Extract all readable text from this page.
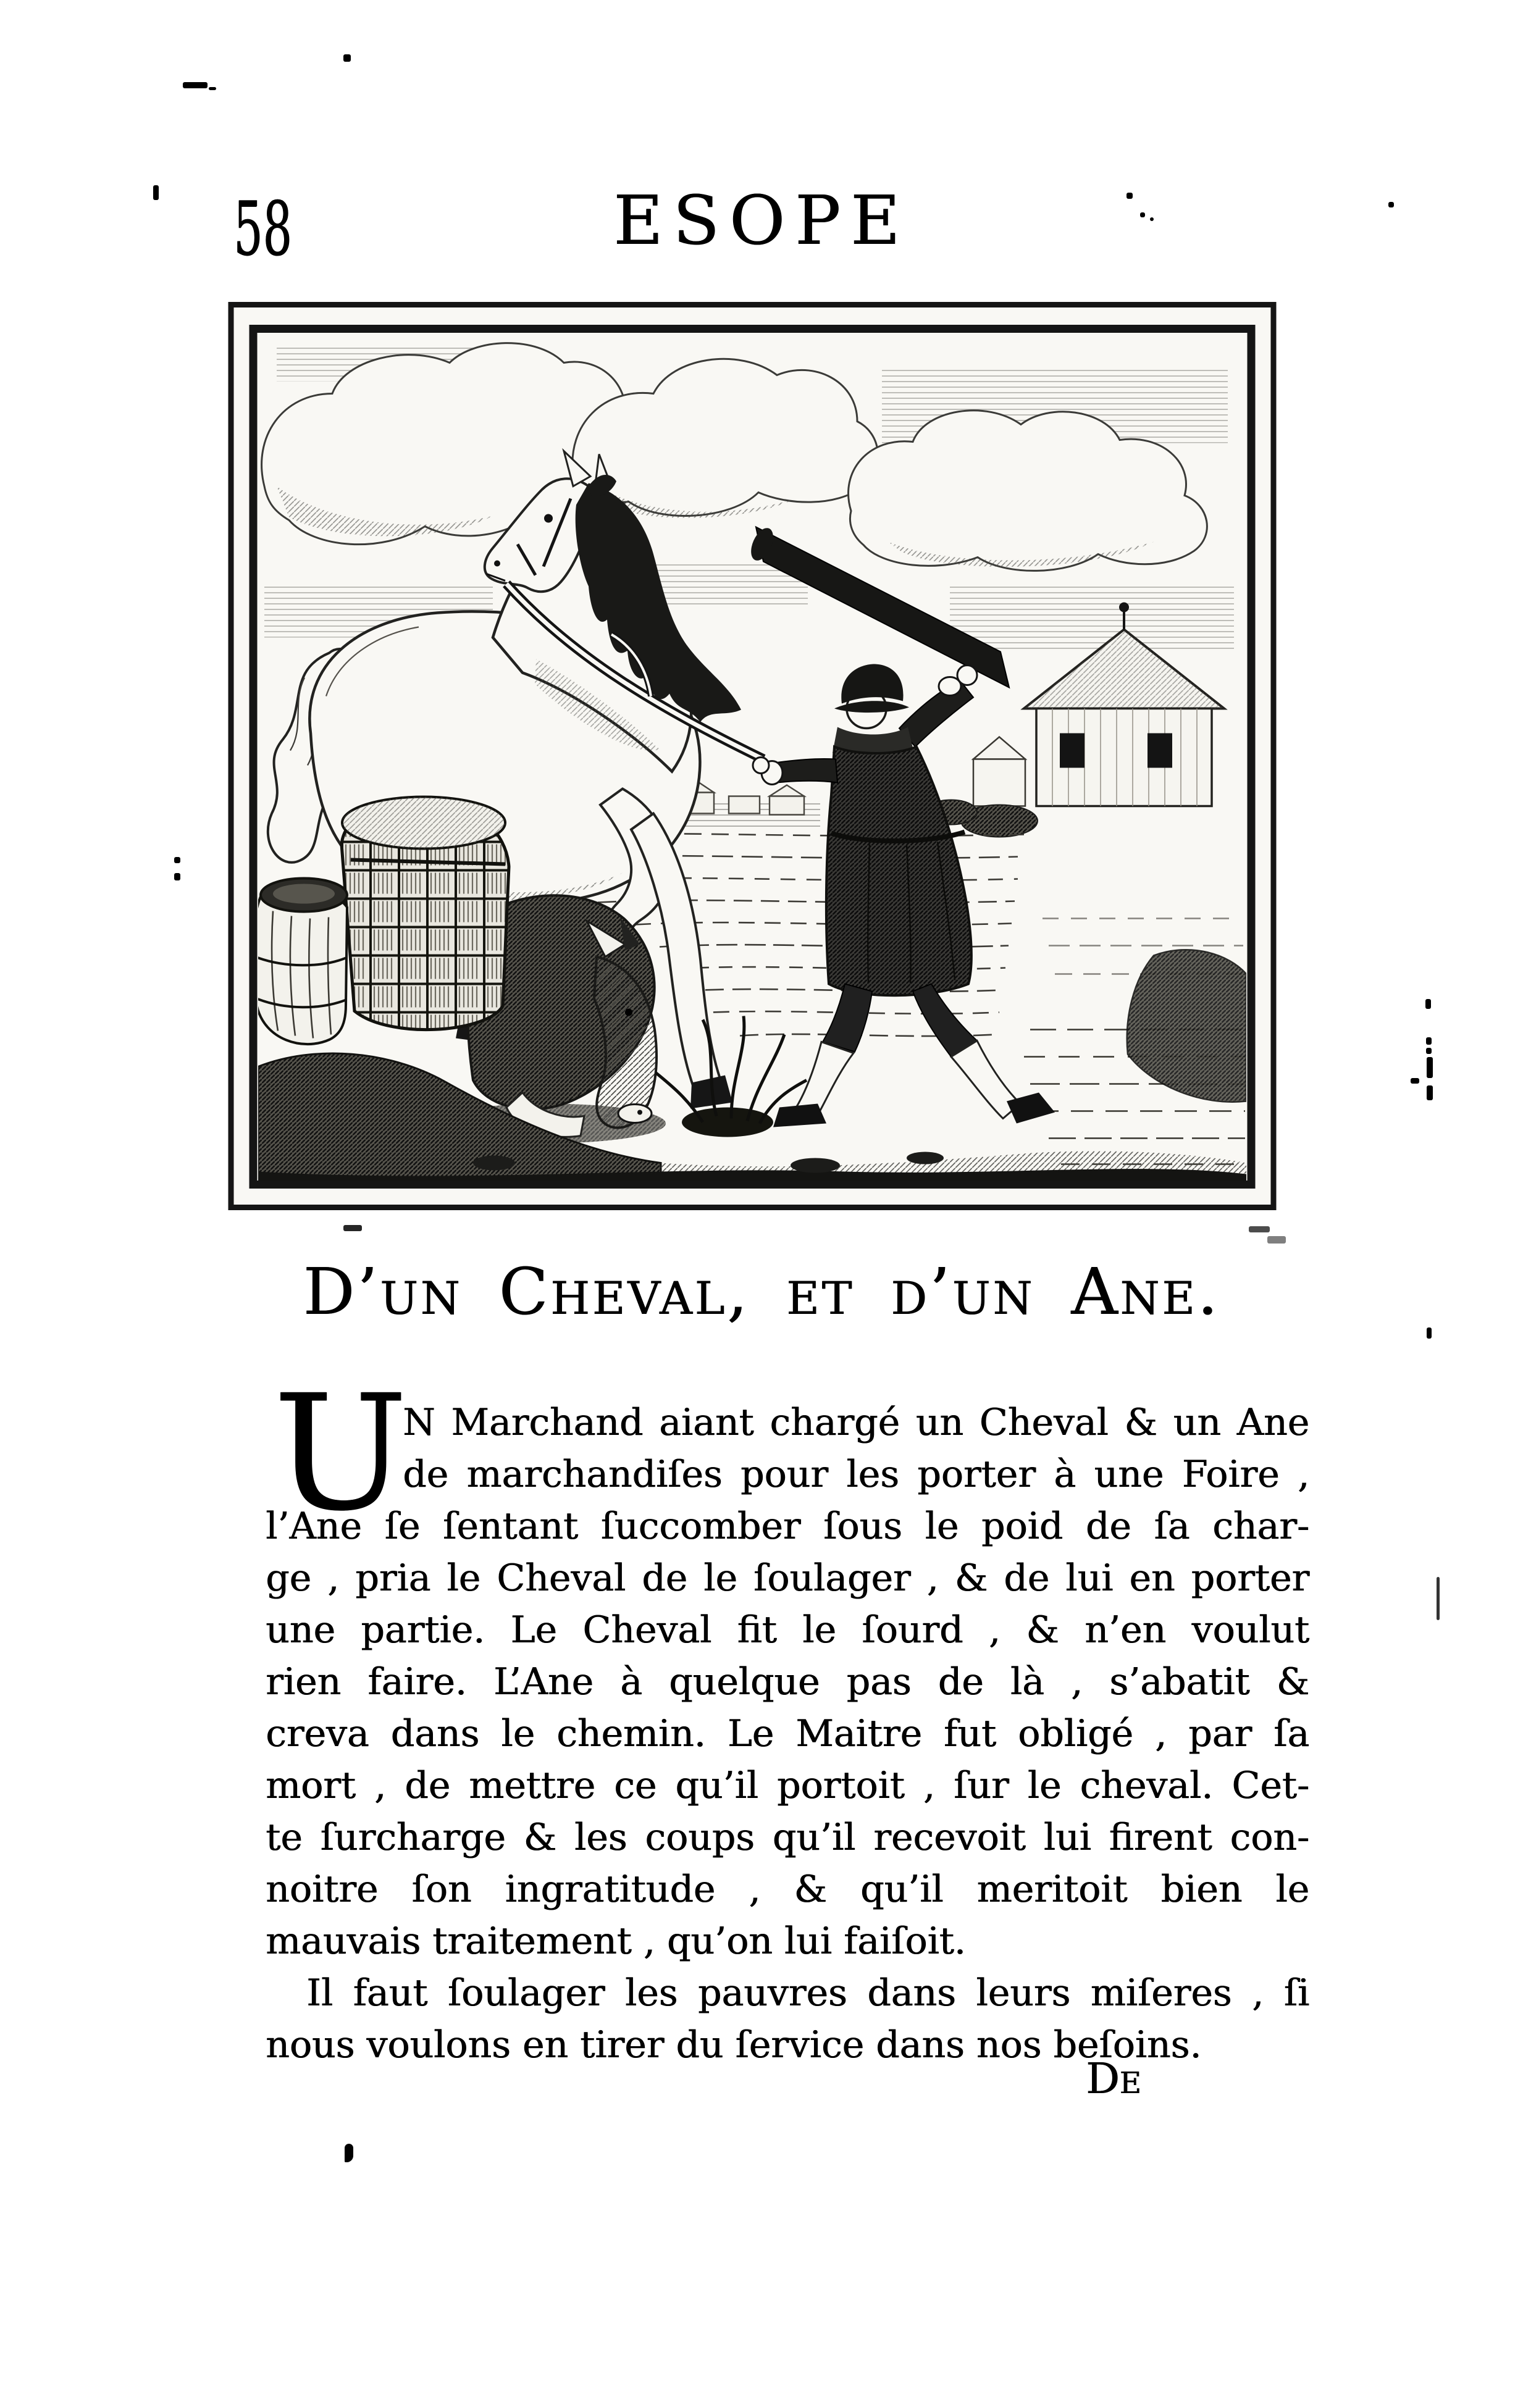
58	ESOPE
D’un Cheval, et d’un Ane.
U
N Marchand aiant chargé un Cheval & un Ane
de marchandiſes pour les porter à une Foire ,
l’Ane ſe ſentant ſuccomber ſous le poid de ſa char-
ge , pria le Cheval de le ſoulager , & de lui en porter
une partie. Le Cheval fit le ſourd , & n’en voulut
rien faire. L’Ane à quelque pas de là , s’abatit &
creva dans le chemin. Le Maitre fut obligé , par ſa
mort , de mettre ce qu’il portoit , ſur le cheval. Cet-
te ſurcharge & les coups qu’il recevoit lui firent con-
noitre ſon ingratitude , & qu’il meritoit bien le
mauvais traitement , qu’on lui faiſoit.
Il faut ſoulager les pauvres dans leurs miſeres , ſi
nous voulons en tirer du ſervice dans nos beſoins.
De
